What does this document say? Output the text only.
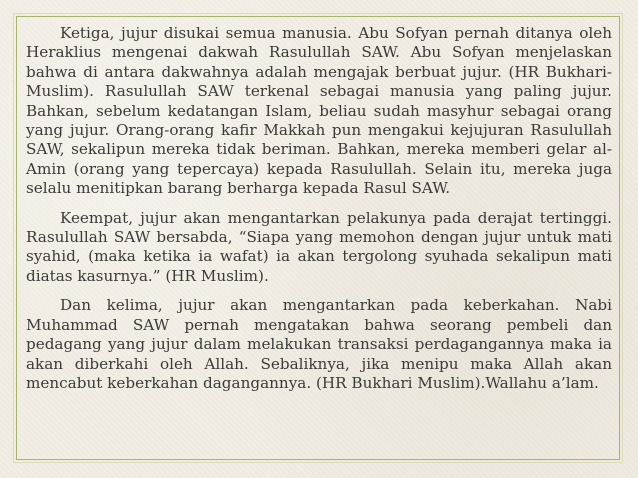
Ketiga, jujur disukai semua manusia. Abu Sofyan pernah ditanya oleh Heraklius mengenai dakwah Rasulullah SAW. Abu Sofyan menjelaskan bahwa di antara dakwahnya adalah mengajak berbuat jujur. (HR Bukhari-Muslim). Rasulullah SAW terkenal sebagai manusia yang paling jujur. Bahkan, sebelum kedatangan Islam, beliau sudah masyhur sebagai orang yang jujur. Orang-orang kafir Makkah pun mengakui kejujuran Rasulullah SAW, sekalipun mereka tidak beriman. Bahkan, mereka memberi gelar al-Amin (orang yang tepercaya) kepada Rasulullah. Selain itu, mereka juga selalu menitipkan barang berharga kepada Rasul SAW.

Keempat, jujur akan mengantarkan pelakunya pada derajat tertinggi. Rasulullah SAW bersabda, “Siapa yang memohon dengan jujur untuk mati syahid, (maka ketika ia wafat) ia akan tergolong syuhada sekalipun mati diatas kasurnya.” (HR Muslim).

Dan kelima, jujur akan mengantarkan pada keberkahan. Nabi Muhammad SAW pernah mengatakan bahwa seorang pembeli dan pedagang yang jujur dalam melakukan transaksi perdagangannya maka ia akan diberkahi oleh Allah. Sebaliknya, jika menipu maka Allah akan mencabut keberkahan dagangannya. (HR Bukhari Muslim).Wallahu a’lam.
